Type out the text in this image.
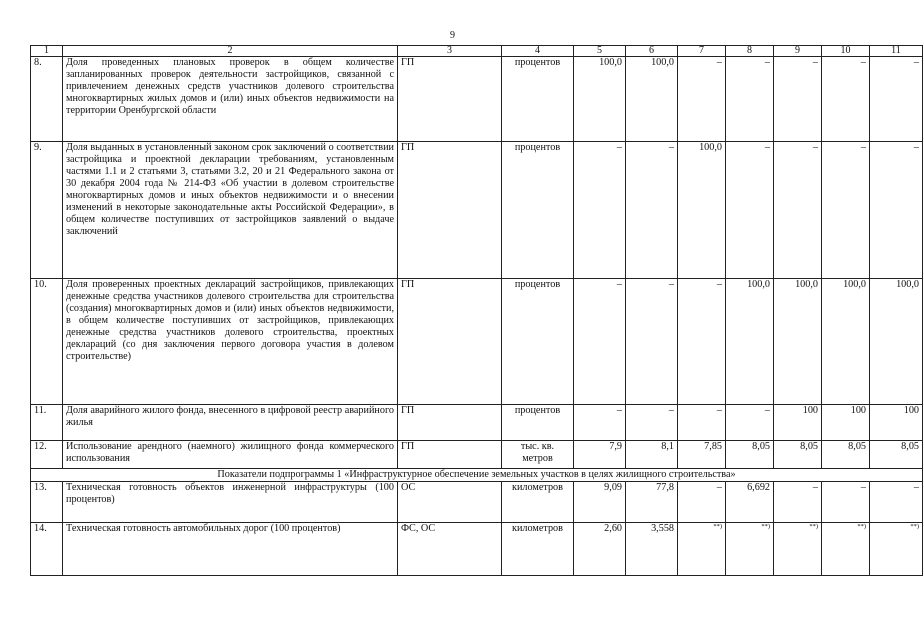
9
1	2	3	4	5	6	7	8	9	10	11
8.	Доля проведенных плановых проверок в общем количестве запланированных проверок деятельности застройщиков, связанной с привлечением денежных средств участников долевого строительства многоквартирных жилых домов и (или) иных объектов недвижимости на территории Оренбургской области	ГП	процентов	100,0	100,0	–	–	–	–	–
9.	Доля выданных в установленный законом срок заключений о соответствии застройщика и проектной декларации требованиям, установленным частями 1.1 и 2 статьями 3, статьями 3.2, 20 и 21 Федерального закона от 30 декабря 2004 года № 214-ФЗ «Об участии в долевом строительстве многоквартирных домов и иных объектов недвижимости и о внесении изменений в некоторые законодательные акты Российской Федерации», в общем количестве поступивших от застройщиков заявлений о выдаче заключений	ГП	процентов	–	–	100,0	–	–	–	–
10.	Доля проверенных проектных деклараций застройщиков, привлекающих денежные средства участников долевого строительства для строительства (создания) многоквартирных домов и (или) иных объектов недвижимости, в общем количестве поступивших от застройщиков, привлекающих денежные средства участников долевого строительства, проектных деклараций (со дня заключения первого договора участия в долевом строительстве)	ГП	процентов	–	–	–	100,0	100,0	100,0	100,0
11.	Доля аварийного жилого фонда, внесенного в цифровой реестр аварийного жилья	ГП	процентов	–	–	–	–	100	100	100
12.	Использование арендного (наемного) жилищного фонда коммерческого использования	ГП	тыс. кв. метров	7,9	8,1	7,85	8,05	8,05	8,05	8,05
Показатели подпрограммы 1 «Инфраструктурное обеспечение земельных участков в целях жилищного строительства»										
13.	Техническая готовность объектов инженерной инфраструктуры (100 процентов)	ОС	километров	9,09	77,8	–	6,692	–	–	–
14.	Техническая готовность автомобильных дорог (100 процентов)	ФС, ОС	километров	2,60	3,558	**)	**)	**)	**)	**)
